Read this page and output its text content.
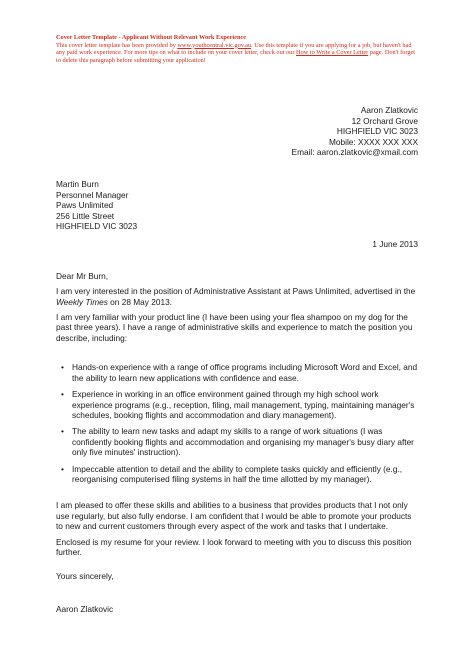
Cover Letter Template - Applicant Without Relevant Work Experience
This cover letter template has been provided by www.youthcentral.vic.gov.au. Use this template if you are applying for a job, but haven't had any paid work experience. For more tips on what to include on your cover letter, check out our How to Write a Cover Letter page. Don't forget to delete this paragraph before submitting your application!
Aaron Zlatkovic
12 Orchard Grove
HIGHFIELD VIC 3023
Mobile: XXXX XXX XXX
Email: aaron.zlatkovic@xmail.com
Martin Burn
Personnel Manager
Paws Unlimited
256 Little Street
HIGHFIELD VIC 3023
1 June 2013
Dear Mr Burn,
I am very interested in the position of Administrative Assistant at Paws Unlimited, advertised in the Weekly Times on 28 May 2013.
I am very familiar with your product line (I have been using your flea shampoo on my dog for the past three years). I have a range of administrative skills and experience to match the position you describe, including:
• Hands-on experience with a range of office programs including Microsoft Word and Excel, and the ability to learn new applications with confidence and ease.
• Experience in working in an office environment gained through my high school work experience programs (e.g., reception, filing, mail management, typing, maintaining manager's schedules, booking flights and accommodation and diary management).
• The ability to learn new tasks and adapt my skills to a range of work situations (I was confidently booking flights and accommodation and organising my manager's busy diary after only five minutes' instruction).
• Impeccable attention to detail and the ability to complete tasks quickly and efficiently (e.g., reorganising computerised filing systems in half the time allotted by my manager).
I am pleased to offer these skills and abilities to a business that provides products that I not only use regularly, but also fully endorse. I am confident that I would be able to promote your products to new and current customers through every aspect of the work and tasks that I undertake.
Enclosed is my resume for your review. I look forward to meeting with you to discuss this position further.
Yours sincerely,
Aaron Zlatkovic
